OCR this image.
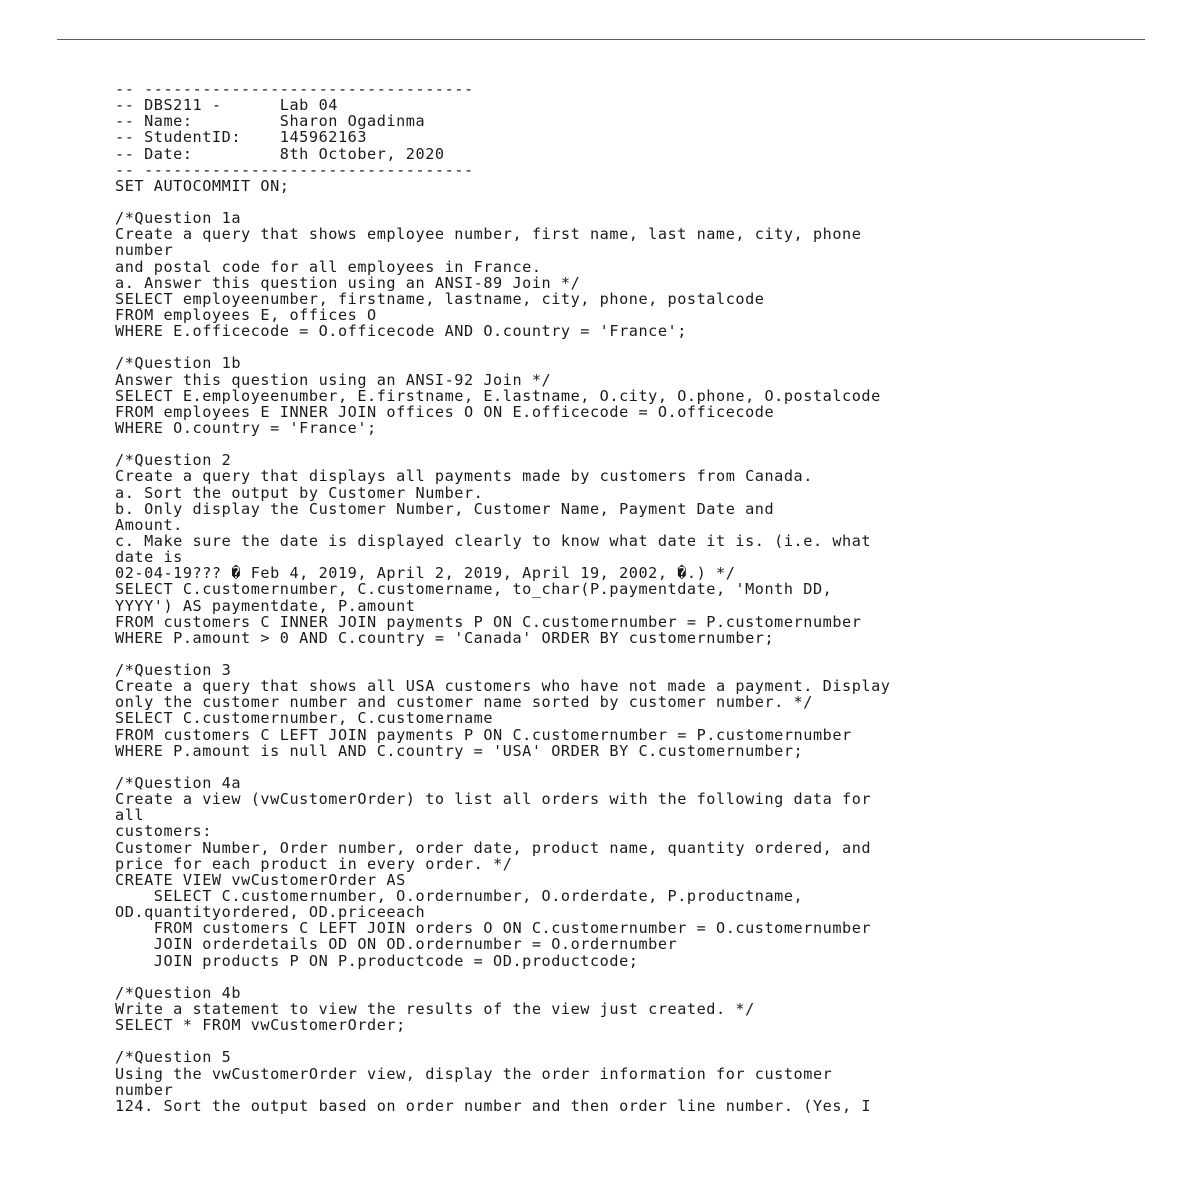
-- ----------------------------------
-- DBS211 -      Lab 04
-- Name:         Sharon Ogadinma
-- StudentID:    145962163
-- Date:         8th October, 2020
-- ----------------------------------
SET AUTOCOMMIT ON;
/*Question 1a
Create a query that shows employee number, first name, last name, city, phone
number
and postal code for all employees in France.
a. Answer this question using an ANSI-89 Join */
SELECT employeenumber, firstname, lastname, city, phone, postalcode
FROM employees E, offices O
WHERE E.officecode = O.officecode AND O.country = 'France';
/*Question 1b
Answer this question using an ANSI-92 Join */
SELECT E.employeenumber, E.firstname, E.lastname, O.city, O.phone, O.postalcode
FROM employees E INNER JOIN offices O ON E.officecode = O.officecode
WHERE O.country = 'France';
/*Question 2
Create a query that displays all payments made by customers from Canada.
a. Sort the output by Customer Number.
b. Only display the Customer Number, Customer Name, Payment Date and
Amount.
c. Make sure the date is displayed clearly to know what date it is. (i.e. what
date is
02-04-19??? � Feb 4, 2019, April 2, 2019, April 19, 2002, �.) */
SELECT C.customernumber, C.customername, to_char(P.paymentdate, 'Month DD,
YYYY') AS paymentdate, P.amount
FROM customers C INNER JOIN payments P ON C.customernumber = P.customernumber
WHERE P.amount > 0 AND C.country = 'Canada' ORDER BY customernumber;
/*Question 3
Create a query that shows all USA customers who have not made a payment. Display
only the customer number and customer name sorted by customer number. */
SELECT C.customernumber, C.customername
FROM customers C LEFT JOIN payments P ON C.customernumber = P.customernumber
WHERE P.amount is null AND C.country = 'USA' ORDER BY C.customernumber;
/*Question 4a
Create a view (vwCustomerOrder) to list all orders with the following data for
all
customers:
Customer Number, Order number, order date, product name, quantity ordered, and
price for each product in every order. */
CREATE VIEW vwCustomerOrder AS
SELECT C.customernumber, O.ordernumber, O.orderdate, P.productname,
OD.quantityordered, OD.priceeach
FROM customers C LEFT JOIN orders O ON C.customernumber = O.customernumber
JOIN orderdetails OD ON OD.ordernumber = O.ordernumber
JOIN products P ON P.productcode = OD.productcode;
/*Question 4b
Write a statement to view the results of the view just created. */
SELECT * FROM vwCustomerOrder;
/*Question 5
Using the vwCustomerOrder view, display the order information for customer
number
124. Sort the output based on order number and then order line number. (Yes, I
